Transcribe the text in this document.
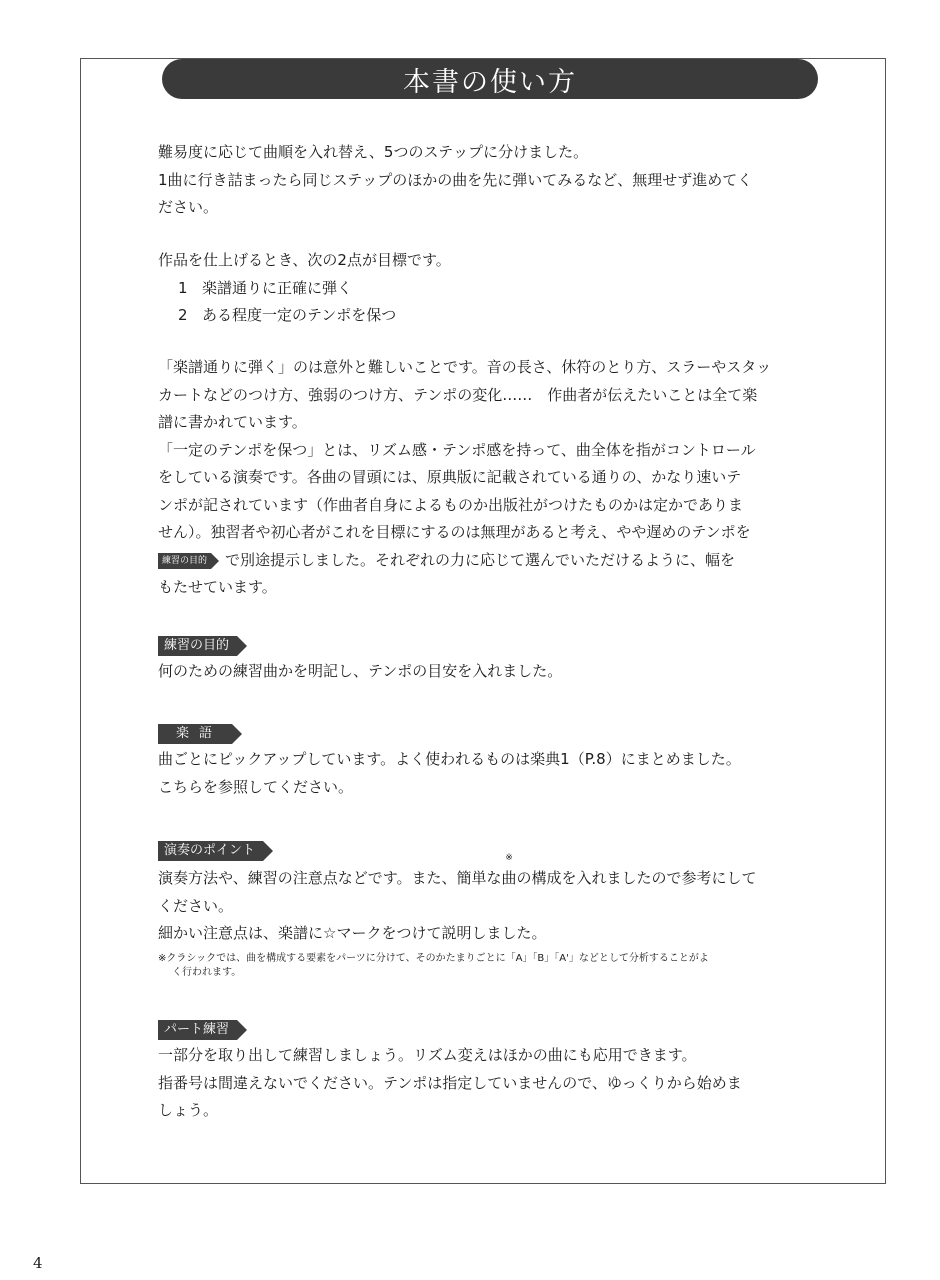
本書の使い方

難易度に応じて曲順を入れ替え、5つのステップに分けました。

1曲に行き詰まったら同じステップのほかの曲を先に弾いてみるなど、無理せず進めてく

ださい。

作品を仕上げるとき、次の2点が目標です。

1 楽譜通りに正確に弾く

2 ある程度一定のテンポを保つ

「楽譜通りに弾く」のは意外と難しいことです。音の長さ、休符のとり方、スラーやスタッ

カートなどのつけ方、強弱のつけ方、テンポの変化……　作曲者が伝えたいことは全て楽

譜に書かれています。

「一定のテンポを保つ」とは、リズム感・テンポ感を持って、曲全体を指がコントロール

をしている演奏です。各曲の冒頭には、原典版に記載されている通りの、かなり速いテ

ンポが記されています（作曲者自身によるものか出版社がつけたものかは定かでありま

せん）。独習者や初心者がこれを目標にするのは無理があると考え、やや遅めのテンポを

練習の目的 で別途提示しました。それぞれの力に応じて選んでいただけるように、幅を

もたせています。

練習の目的

何のための練習曲かを明記し、テンポの目安を入れました。

楽語

曲ごとにピックアップしています。よく使われるものは楽典1（P.8）にまとめました。

こちらを参照してください。

演奏のポイント

演奏方法や、練習の注意点などです。また、簡単な
※
曲の構成を入れましたので参考にして

ください。

細かい注意点は、楽譜に☆マークをつけて説明しました。

※クラシックでは、曲を構成する要素をパーツに分けて、そのかたまりごとに「A」「B」「A'」などとして分析することがよ
く行われます。

パート練習

一部分を取り出して練習しましょう。リズム変えはほかの曲にも応用できます。

指番号は間違えないでください。テンポは指定していませんので、ゆっくりから始めま

しょう。

4
